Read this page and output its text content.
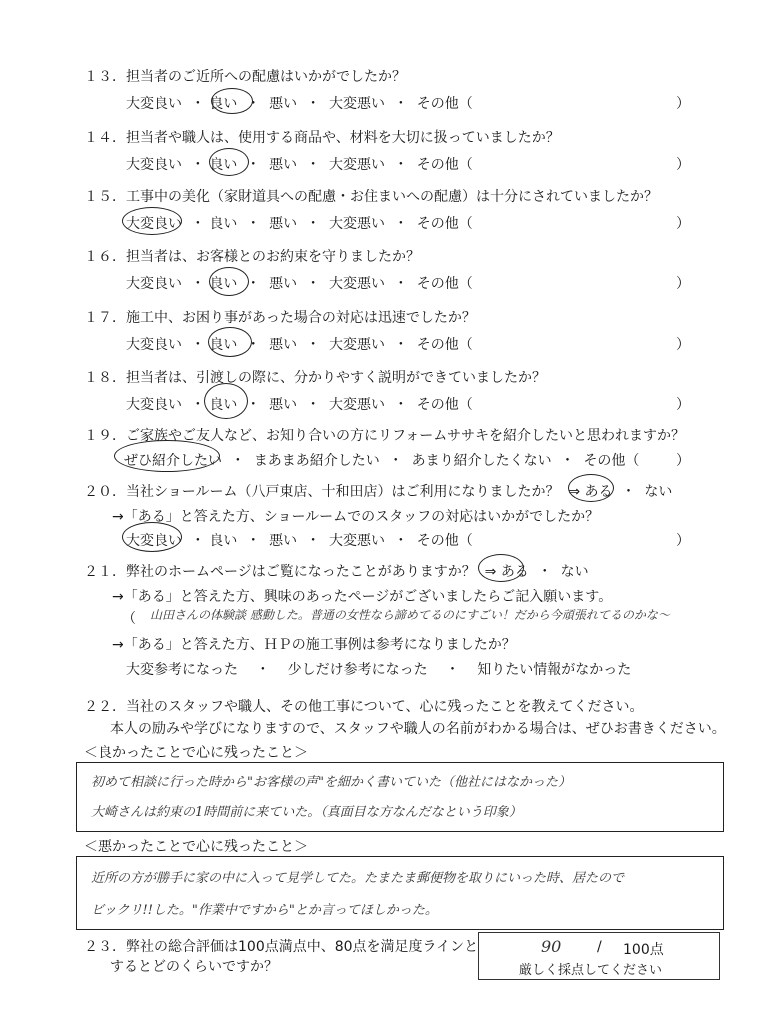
１３．担当者のご近所への配慮はいかがでしたか？
大変良い ・ 良い ・ 悪い ・ 大変悪い ・ その他（	）
１４．担当者や職人は、使用する商品や、材料を大切に扱っていましたか？
大変良い ・ 良い ・ 悪い ・ 大変悪い ・ その他（	）
１５．工事中の美化（家財道具への配慮・お住まいへの配慮）は十分にされていましたか？
大変良い ・ 良い ・ 悪い ・ 大変悪い ・ その他（	）
１６．担当者は、お客様とのお約束を守りましたか？
大変良い ・ 良い ・ 悪い ・ 大変悪い ・ その他（	）
１７．施工中、お困り事があった場合の対応は迅速でしたか？
大変良い ・ 良い ・ 悪い ・ 大変悪い ・ その他（	）
１８．担当者は、引渡しの際に、分かりやすく説明ができていましたか？
大変良い ・ 良い ・ 悪い ・ 大変悪い ・ その他（	）
１９．ご家族やご友人など、お知り合いの方にリフォームササキを紹介したいと思われますか？
ぜひ紹介したい ・ まあまあ紹介したい ・ あまり紹介したくない ・ その他（	）
２０．当社ショールーム（八戸東店、十和田店）はご利用になりましたか？ ⇒ ある  ・  ない
→「ある」と答えた方、ショールームでのスタッフの対応はいかがでしたか？
大変良い ・ 良い ・ 悪い ・ 大変悪い ・ その他（	）
２１．弊社のホームページはご覧になったことがありますか？ ⇒ ある  ・  ない
→「ある」と答えた方、興味のあったページがございましたらご記入願います。
（ 山田さんの体験談 感動した。普通の女性なら諦めてるのにすごい！だから今頑張れてるのかな〜
→「ある」と答えた方、ＨＰの施工事例は参考になりましたか？
大変参考になった ・ 少しだけ参考になった ・ 知りたい情報がなかった
２２．当社のスタッフや職人、その他工事について、心に残ったことを教えてください。
本人の励みや学びになりますので、スタッフや職人の名前がわかる場合は、ぜひお書きください。
＜良かったことで心に残ったこと＞
初めて相談に行った時から"お客様の声"を細かく書いていた（他社にはなかった）
大崎さんは約束の1時間前に来ていた。（真面目な方なんだなという印象）
＜悪かったことで心に残ったこと＞
近所の方が勝手に家の中に入って見学してた。たまたま郵便物を取りにいった時、居たので
ビックリ!!した。"作業中ですから"とか言ってほしかった。
２３．弊社の総合評価は100点満点中、80点を満足度ラインと
するとどのくらいですか？
90	/ 100点
厳しく採点してください
